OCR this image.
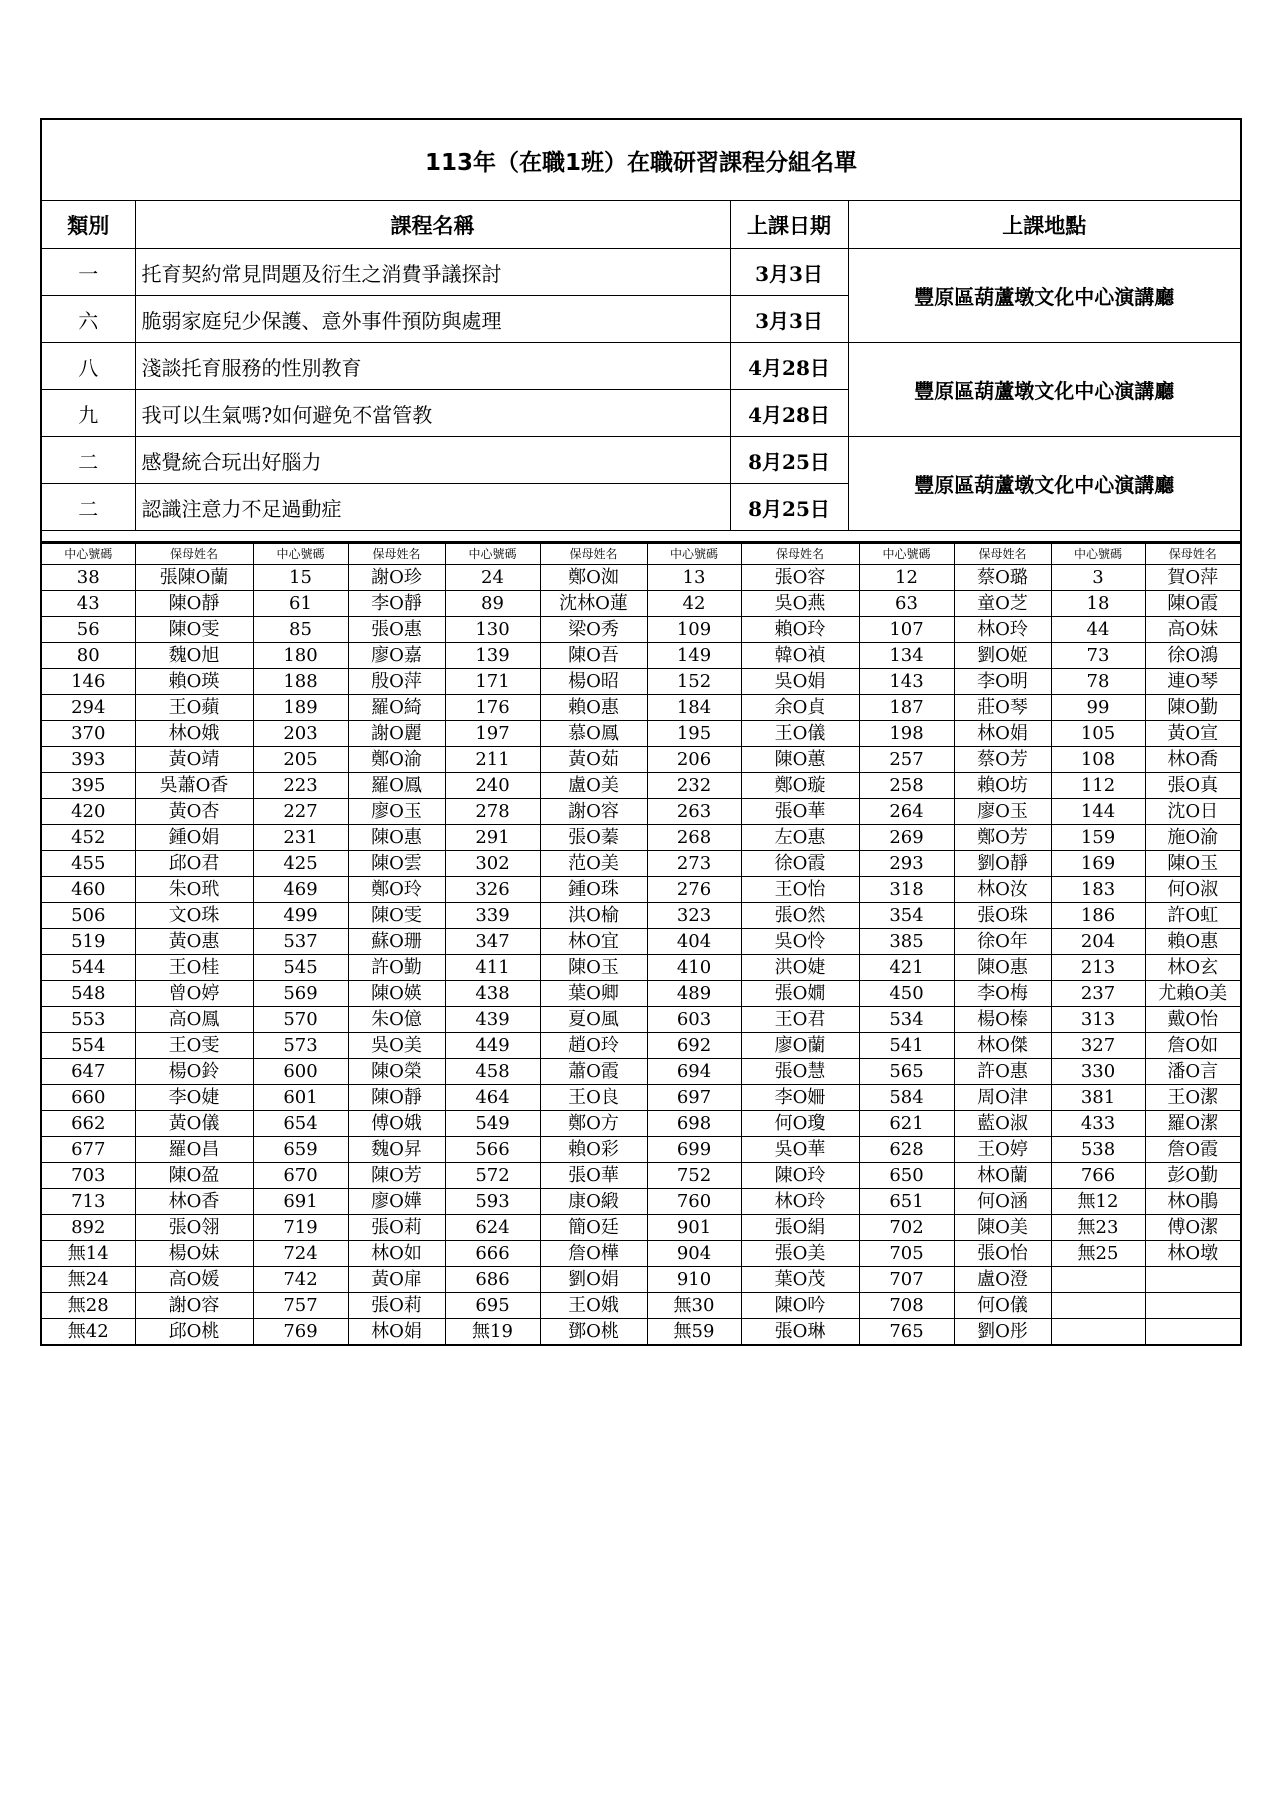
113年（在職1班）在職研習課程分組名單			
類別	課程名稱	上課日期	上課地點
一	托育契約常見問題及衍生之消費爭議探討	3月3日	豐原區葫蘆墩文化中心演講廳
六	脆弱家庭兒少保護、意外事件預防與處理	3月3日	
八	淺談托育服務的性別教育	4月28日	豐原區葫蘆墩文化中心演講廳
九	我可以生氣嗎?如何避免不當管教	4月28日	
二	感覺統合玩出好腦力	8月25日	豐原區葫蘆墩文化中心演講廳
二	認識注意力不足過動症	8月25日	

中心號碼	保母姓名	中心號碼	保母姓名	中心號碼	保母姓名	中心號碼	保母姓名	中心號碼	保母姓名	中心號碼	保母姓名
38	張陳O蘭	15	謝O珍	24	鄭O洳	13	張O容	12	蔡O璐	3	賀O萍
43	陳O靜	61	李O靜	89	沈林O蓮	42	吳O燕	63	童O芝	18	陳O霞
56	陳O雯	85	張O惠	130	梁O秀	109	賴O玲	107	林O玲	44	高O妹
80	魏O旭	180	廖O嘉	139	陳O吾	149	韓O禎	134	劉O姬	73	徐O鴻
146	賴O瑛	188	殷O萍	171	楊O昭	152	吳O娟	143	李O明	78	連O琴
294	王O蘋	189	羅O綺	176	賴O惠	184	余O貞	187	莊O琴	99	陳O勤
370	林O娥	203	謝O麗	197	慕O鳳	195	王O儀	198	林O娟	105	黃O宣
393	黃O靖	205	鄭O渝	211	黃O茹	206	陳O蕙	257	蔡O芳	108	林O喬
395	吳蕭O香	223	羅O鳳	240	盧O美	232	鄭O璇	258	賴O坊	112	張O真
420	黃O杏	227	廖O玉	278	謝O容	263	張O華	264	廖O玉	144	沈O日
452	鍾O娟	231	陳O惠	291	張O蓁	268	左O惠	269	鄭O芳	159	施O渝
455	邱O君	425	陳O雲	302	范O美	273	徐O霞	293	劉O靜	169	陳O玉
460	朱O玳	469	鄭O玲	326	鍾O珠	276	王O怡	318	林O汝	183	何O淑
506	文O珠	499	陳O雯	339	洪O榆	323	張O然	354	張O珠	186	許O虹
519	黃O惠	537	蘇O珊	347	林O宜	404	吳O怜	385	徐O年	204	賴O惠
544	王O桂	545	許O勤	411	陳O玉	410	洪O婕	421	陳O惠	213	林O玄
548	曾O婷	569	陳O媖	438	葉O卿	489	張O嫺	450	李O梅	237	尤賴O美
553	高O鳳	570	朱O億	439	夏O風	603	王O君	534	楊O榛	313	戴O怡
554	王O雯	573	吳O美	449	趙O玲	692	廖O蘭	541	林O傑	327	詹O如
647	楊O鈴	600	陳O榮	458	蕭O霞	694	張O慧	565	許O惠	330	潘O言
660	李O婕	601	陳O靜	464	王O良	697	李O姍	584	周O津	381	王O潔
662	黃O儀	654	傅O娥	549	鄭O方	698	何O瓊	621	藍O淑	433	羅O潔
677	羅O昌	659	魏O昇	566	賴O彩	699	吳O華	628	王O婷	538	詹O霞
703	陳O盈	670	陳O芳	572	張O華	752	陳O玲	650	林O蘭	766	彭O勤
713	林O香	691	廖O嬅	593	康O緞	760	林O玲	651	何O涵	無12	林O鵑
892	張O翎	719	張O莉	624	簡O廷	901	張O絹	702	陳O美	無23	傅O潔
無14	楊O妹	724	林O如	666	詹O樺	904	張O美	705	張O怡	無25	林O墩
無24	高O媛	742	黃O扉	686	劉O娟	910	葉O茂	707	盧O澄		
無28	謝O容	757	張O莉	695	王O娥	無30	陳O吟	708	何O儀		
無42	邱O桃	769	林O娟	無19	鄧O桃	無59	張O琳	765	劉O彤		
